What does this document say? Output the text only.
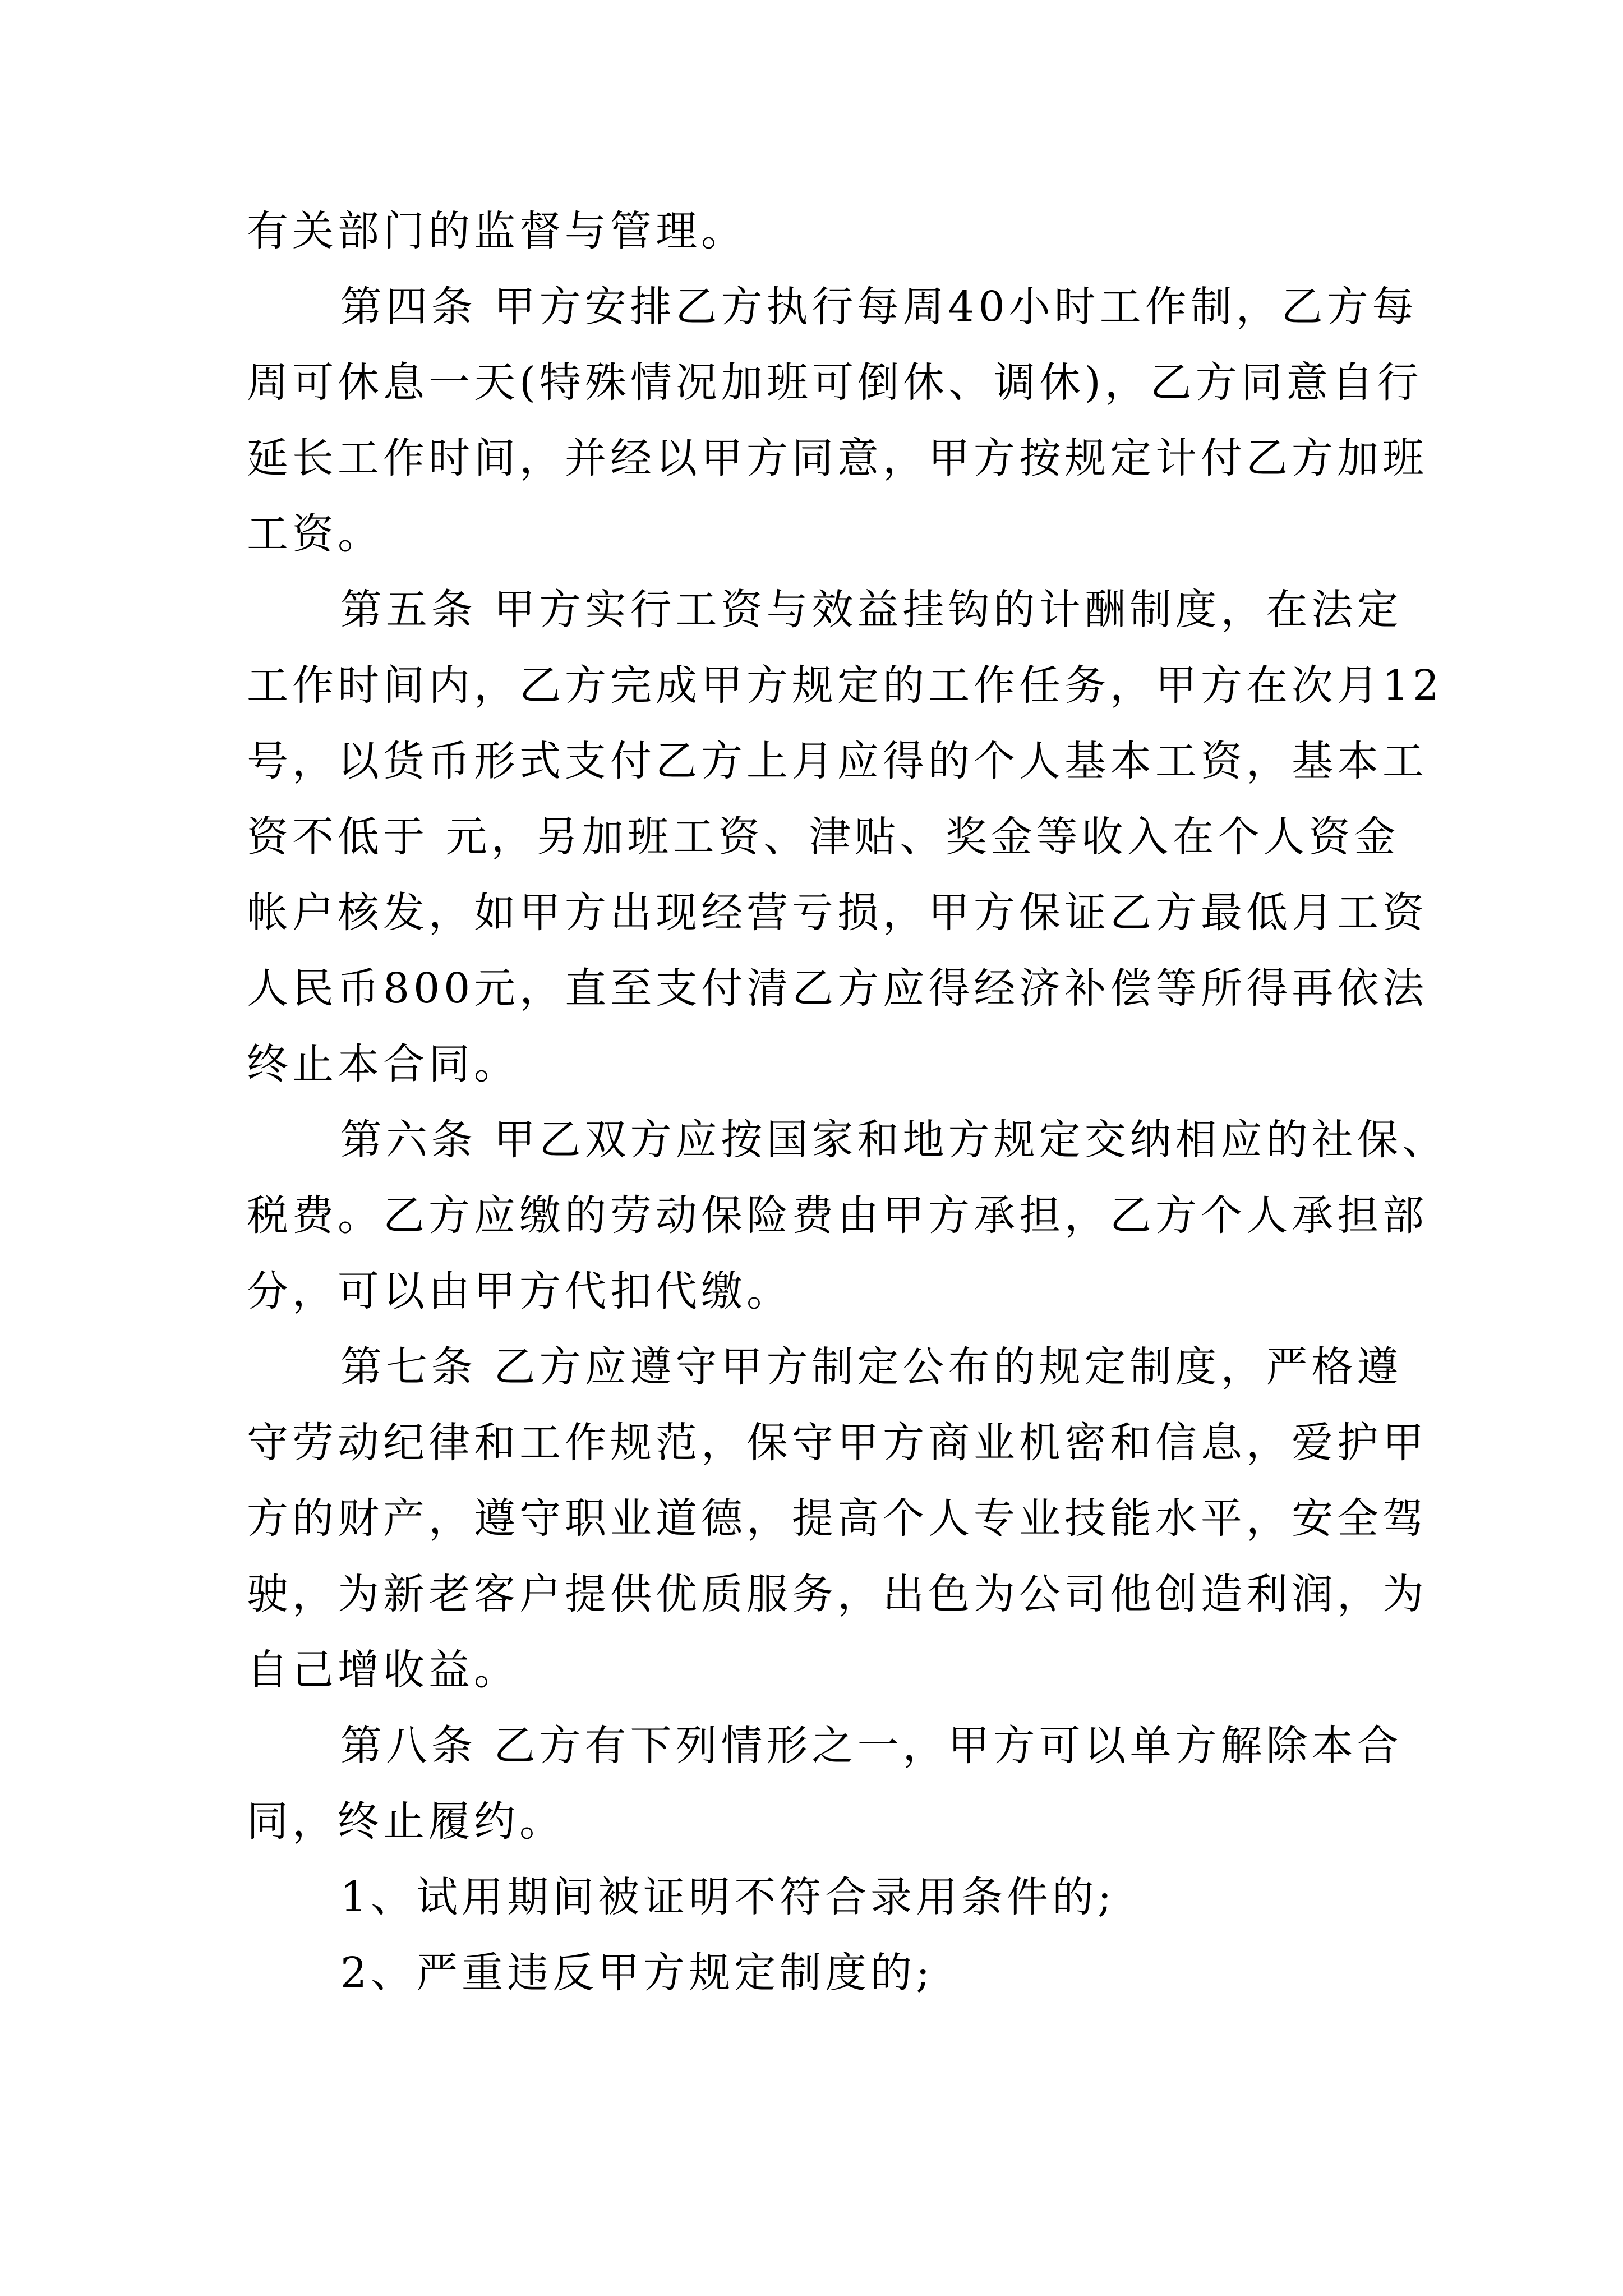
有关部门的监督与管理。
第四条 甲方安排乙方执行每周40小时工作制，乙方每
周可休息一天(特殊情况加班可倒休、调休)，乙方同意自行
延长工作时间，并经以甲方同意，甲方按规定计付乙方加班
工资。
第五条 甲方实行工资与效益挂钩的计酬制度，在法定
工作时间内，乙方完成甲方规定的工作任务，甲方在次月12
号，以货币形式支付乙方上月应得的个人基本工资，基本工
资不低于 元，另加班工资、津贴、奖金等收入在个人资金
帐户核发，如甲方出现经营亏损，甲方保证乙方最低月工资
人民币800元，直至支付清乙方应得经济补偿等所得再依法
终止本合同。
第六条 甲乙双方应按国家和地方规定交纳相应的社保、
税费。乙方应缴的劳动保险费由甲方承担，乙方个人承担部
分，可以由甲方代扣代缴。
第七条 乙方应遵守甲方制定公布的规定制度，严格遵
守劳动纪律和工作规范，保守甲方商业机密和信息，爱护甲
方的财产，遵守职业道德，提高个人专业技能水平，安全驾
驶，为新老客户提供优质服务，出色为公司他创造利润，为
自己增收益。
第八条 乙方有下列情形之一，甲方可以单方解除本合
同，终止履约。
1、试用期间被证明不符合录用条件的;
2、严重违反甲方规定制度的;
